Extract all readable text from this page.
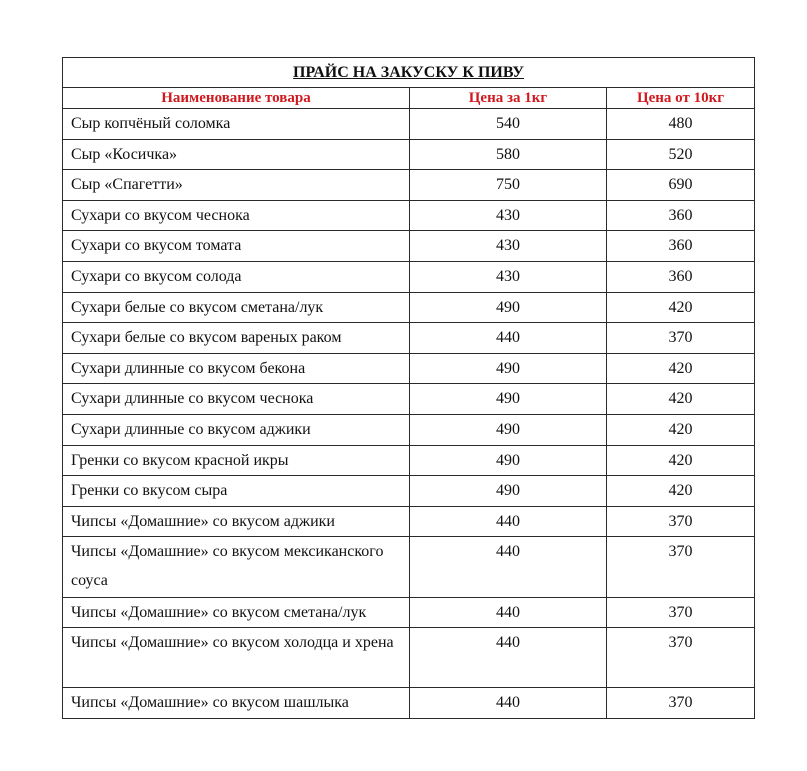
ПРАЙС НА ЗАКУСКУ К ПИВУ		
Наименование товара	Цена за 1кг	Цена от 10кг
Сыр копчёный соломка	540	480
Сыр «Косичка»	580	520
Сыр «Спагетти»	750	690
Сухари со вкусом чеснока	430	360
Сухари со вкусом томата	430	360
Сухари со вкусом солода	430	360
Сухари белые со вкусом сметана/лук	490	420
Сухари белые со вкусом вареных раком	440	370
Сухари длинные со вкусом бекона	490	420
Сухари длинные со вкусом чеснока	490	420
Сухари длинные со вкусом аджики	490	420
Гренки со вкусом красной икры	490	420
Гренки со вкусом сыра	490	420
Чипсы «Домашние» со вкусом аджики	440	370
Чипсы «Домашние» со вкусом мексиканского соуса	440	370
Чипсы «Домашние» со вкусом сметана/лук	440	370
Чипсы «Домашние» со вкусом холодца и хрена	440	370
Чипсы «Домашние» со вкусом шашлыка	440	370
